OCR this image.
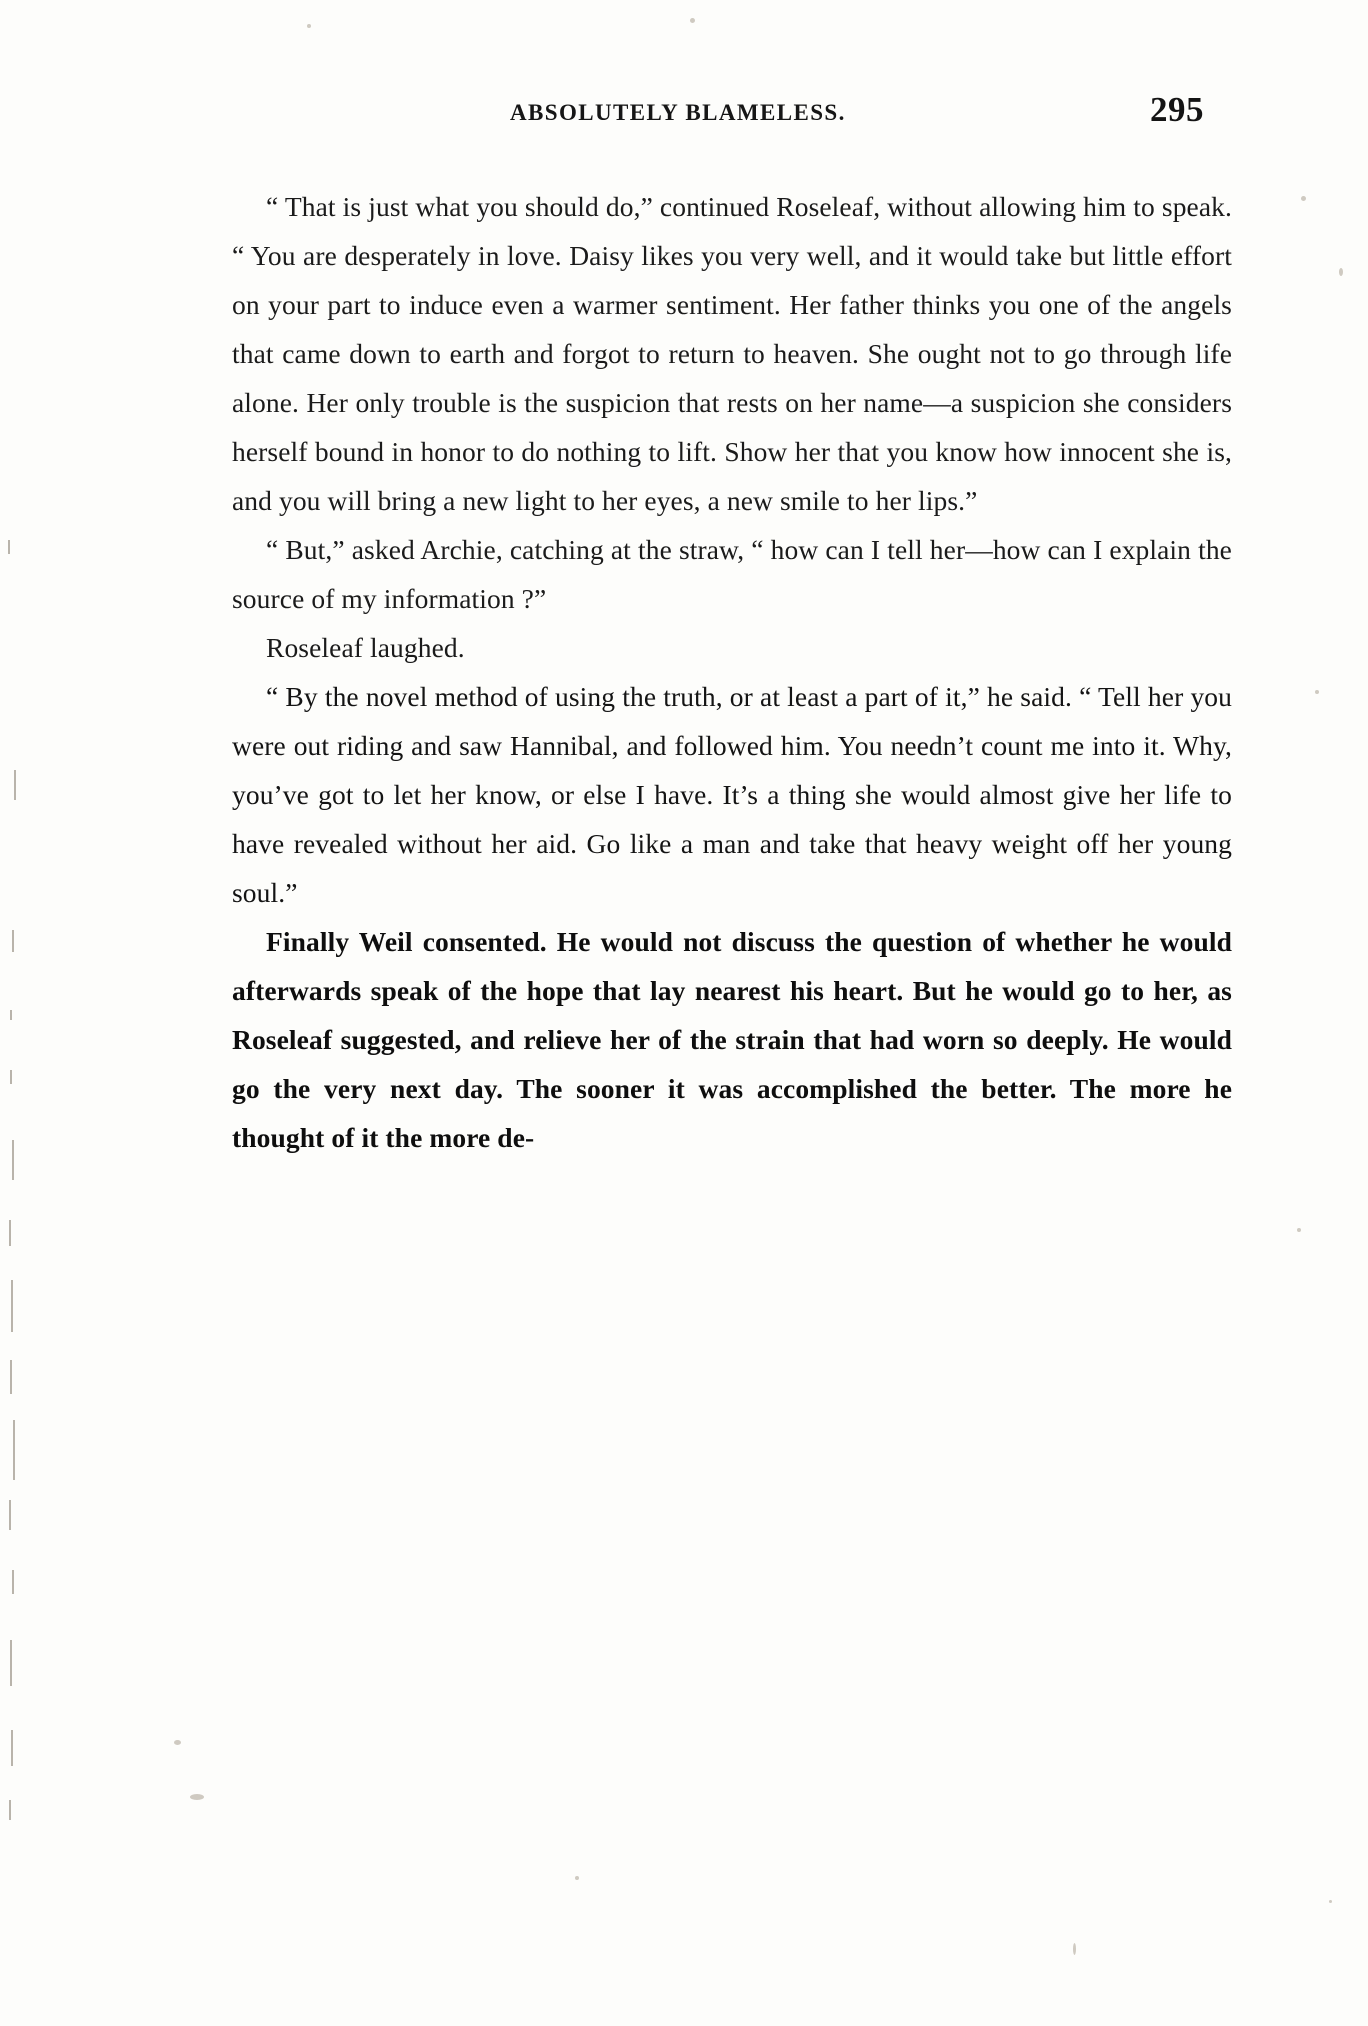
ABSOLUTELY BLAMELESS.	295

“ That is just what you should do,” continued Roseleaf, without allowing him to speak. “ You are desperately in love. Daisy likes you very well, and it would take but little effort on your part to induce even a warmer sentiment. Her father thinks you one of the angels that came down to earth and forgot to return to heaven. She ought not to go through life alone. Her only trouble is the suspicion that rests on her name—a suspicion she considers herself bound in honor to do nothing to lift. Show her that you know how innocent she is, and you will bring a new light to her eyes, a new smile to her lips.”

“ But,” asked Archie, catching at the straw, “ how can I tell her—how can I explain the source of my information ?”

Roseleaf laughed.

“ By the novel method of using the truth, or at least a part of it,” he said. “ Tell her you were out riding and saw Hannibal, and followed him. You needn’t count me into it. Why, you’ve got to let her know, or else I have. It’s a thing she would almost give her life to have revealed without her aid. Go like a man and take that heavy weight off her young soul.”

Finally Weil consented. He would not discuss the question of whether he would afterwards speak of the hope that lay nearest his heart. But he would go to her, as Roseleaf suggested, and relieve her of the strain that had worn so deeply. He would go the very next day. The sooner it was accomplished the better. The more he thought of it the more de-
